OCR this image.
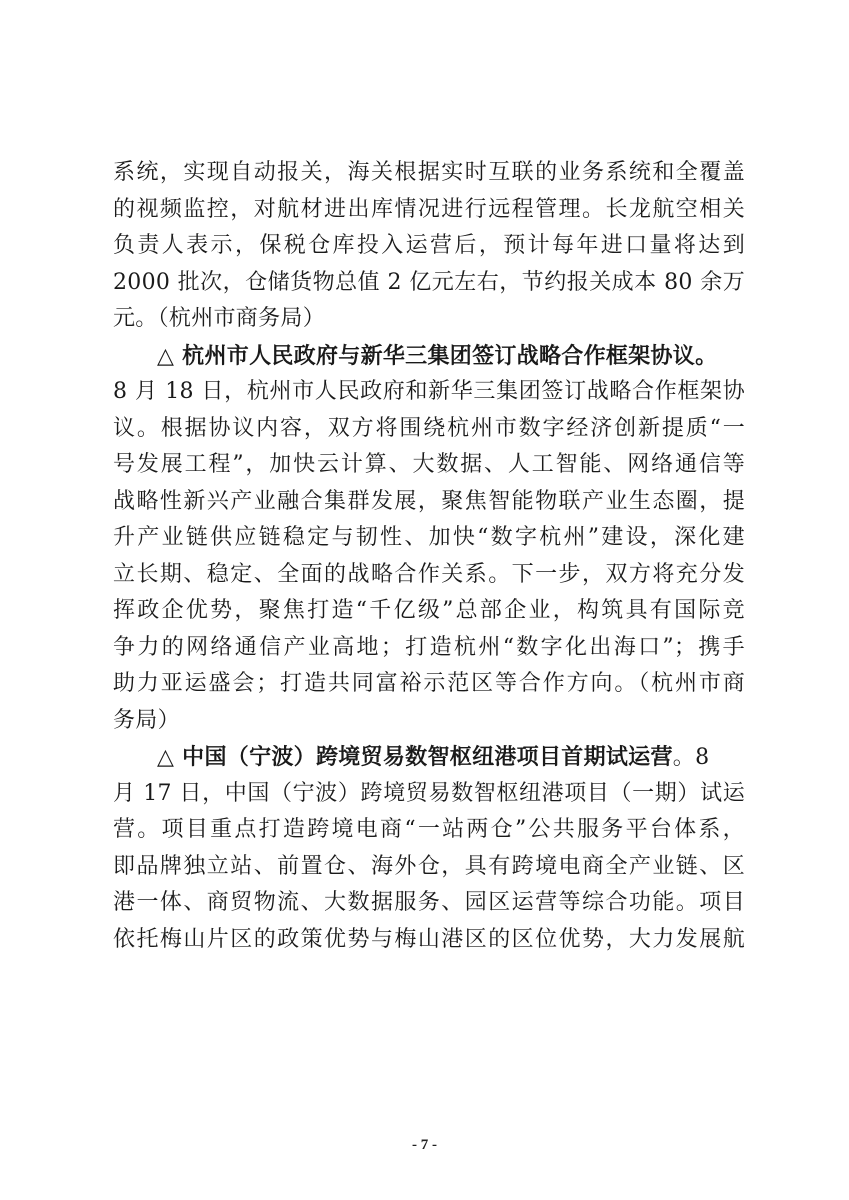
系统，实现自动报关，海关根据实时互联的业务系统和全覆盖
的视频监控，对航材进出库情况进行远程管理。长龙航空相关
负责人表示，保税仓库投入运营后，预计每年进口量将达到
2000 批次，仓储货物总值 2 亿元左右，节约报关成本 80 余万
元。（杭州市商务局）
△ 杭州市人民政府与新华三集团签订战略合作框架协议。
8 月 18 日，杭州市人民政府和新华三集团签订战略合作框架协
议。根据协议内容，双方将围绕杭州市数字经济创新提质“一
号发展工程”，加快云计算、大数据、人工智能、网络通信等
战略性新兴产业融合集群发展，聚焦智能物联产业生态圈，提
升产业链供应链稳定与韧性、加快“数字杭州”建设，深化建
立长期、稳定、全面的战略合作关系。下一步，双方将充分发
挥政企优势，聚焦打造“千亿级”总部企业，构筑具有国际竞
争力的网络通信产业高地；打造杭州“数字化出海口”；携手
助力亚运盛会；打造共同富裕示范区等合作方向。（杭州市商
务局）
△ 中国（宁波）跨境贸易数智枢纽港项目首期试运营。8
月 17 日，中国（宁波）跨境贸易数智枢纽港项目（一期）试运
营。项目重点打造跨境电商“一站两仓”公共服务平台体系，
即品牌独立站、前置仓、海外仓，具有跨境电商全产业链、区
港一体、商贸物流、大数据服务、园区运营等综合功能。项目
依托梅山片区的政策优势与梅山港区的区位优势，大力发展航
- 7 -
